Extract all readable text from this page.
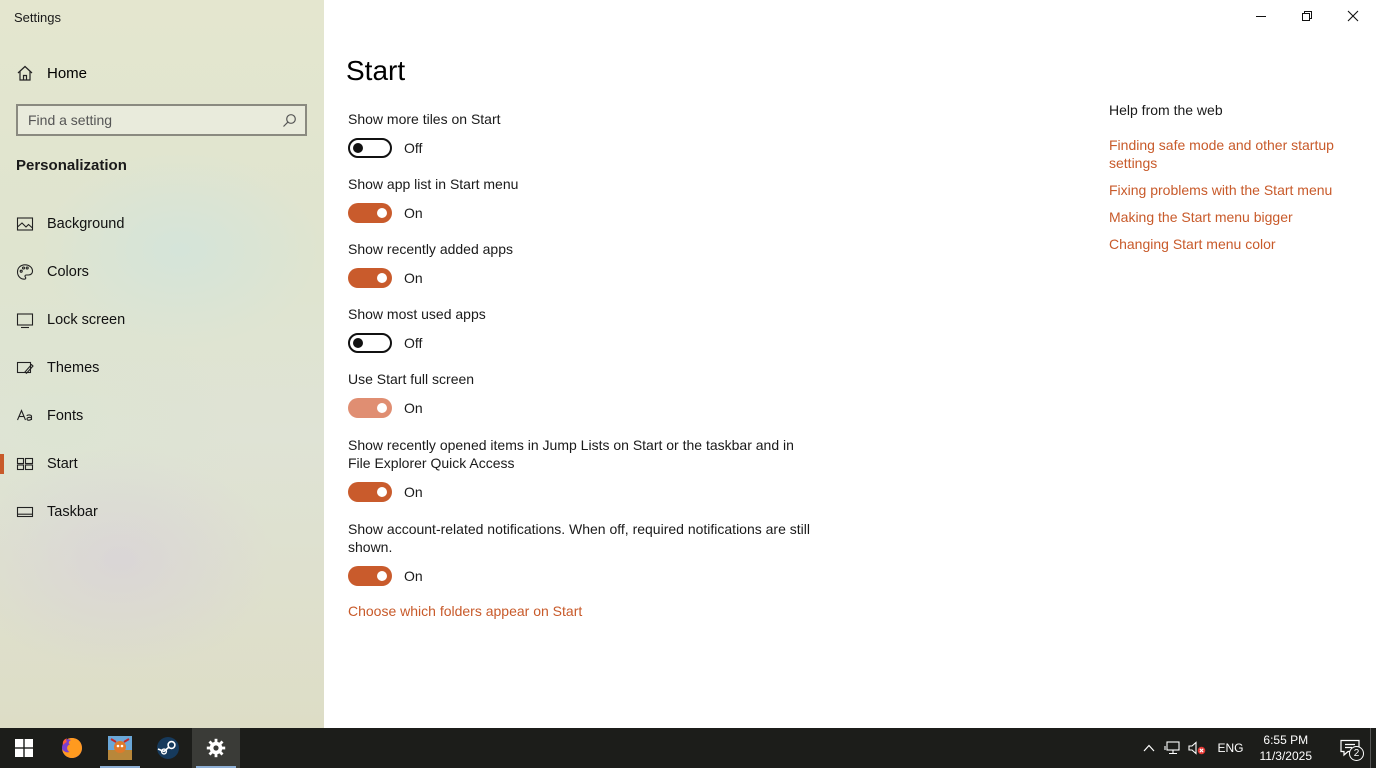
Settings
Home
Find a setting
Personalization
Background
Colors
Lock screen
Themes
Fonts
Start
Taskbar
Start
Show more tiles on Start
Off
Show app list in Start menu
On
Show recently added apps
On
Show most used apps
Off
Use Start full screen
On
Show recently opened items in Jump Lists on Start or the taskbar and in File Explorer Quick Access
On
Show account-related notifications. When off, required notifications are still shown.
On
Choose which folders appear on Start
Help from the web
Finding safe mode and other startup settings
Fixing problems with the Start menu
Making the Start menu bigger
Changing Start menu color
ENG
6:55 PM
11/3/2025	2
